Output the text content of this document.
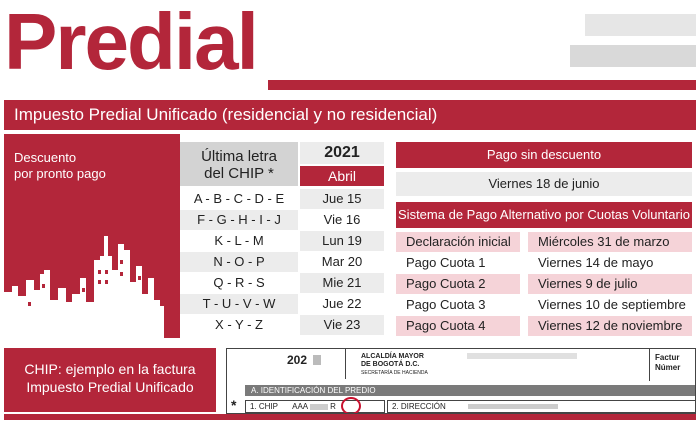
Predial
Impuesto Predial Unificado (residencial y no residencial)
Descuento
por pronto pago
Última letra
del CHIP *
2021
Abril
A - B - C - D - E	Jue 15
F - G - H - I - J	Vie 16
K - L - M	Lun 19
N - O - P	Mar 20
Q - R - S	Mie 21
T - U - V - W	Jue 22
X - Y - Z	Vie 23
Pago sin descuento
Viernes 18 de junio
Sistema de Pago Alternativo por Cuotas Voluntario
Declaración inicial	Miércoles 31 de marzo
Pago Cuota 1	Viernes 14 de mayo
Pago Cuota 2	Viernes 9 de julio
Pago Cuota 3	Viernes 10 de septiembre
Pago Cuota 4	Viernes 12 de noviembre
CHIP: ejemplo en la factura
Impuesto Predial Unificado
202	ALCALDÍA MAYOR
DE BOGOTÁ D.C.
SECRETARÍA DE HACIENDA
Factur
Númer
A. IDENTIFICACIÓN DEL PREDIO
*	1. CHIP AAA	R	2. DIRECCIÓN
